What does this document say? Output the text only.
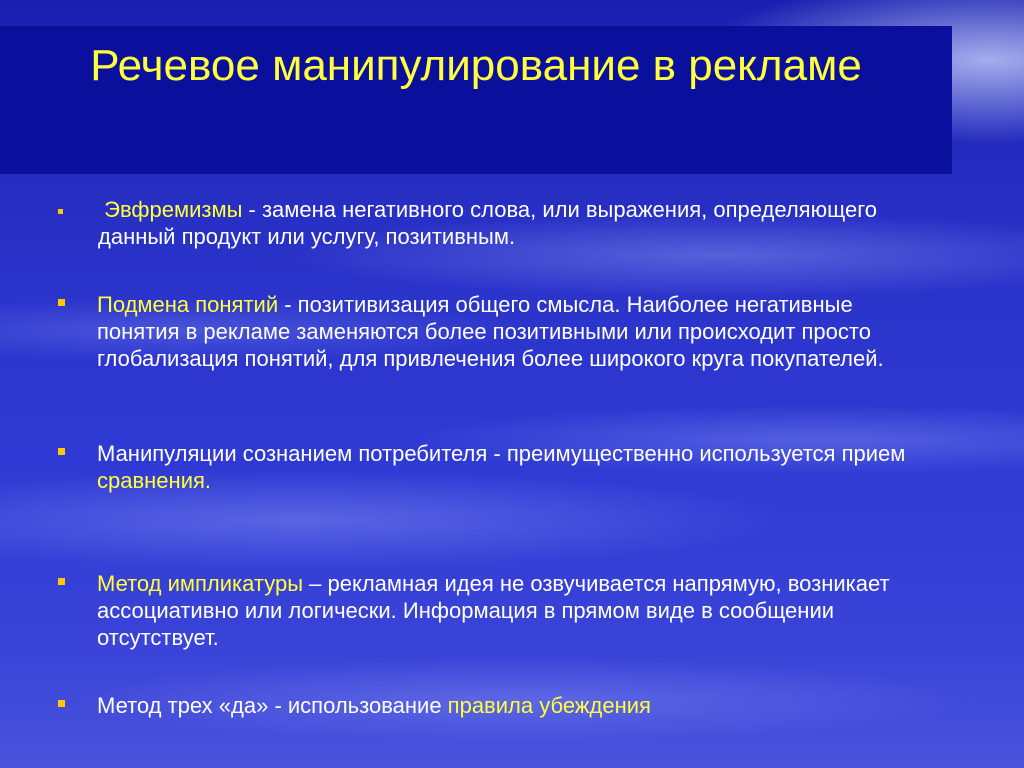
Речевое манипулирование в рекламе

Эвфремизмы - замена негативного слова, или выражения, определяющего данный продукт или услугу, позитивным.

Подмена понятий - позитивизация общего смысла. Наиболее негативные понятия в рекламе заменяются более позитивными или происходит просто глобализация понятий, для привлечения более широкого круга покупателей.

Манипуляции сознанием потребителя - преимущественно используется прием сравнения.

Метод импликатуры – рекламная идея не озвучивается напрямую, возникает ассоциативно или логически. Информация в прямом виде в сообщении отсутствует.

Метод трех «да» - использование правила убеждения
